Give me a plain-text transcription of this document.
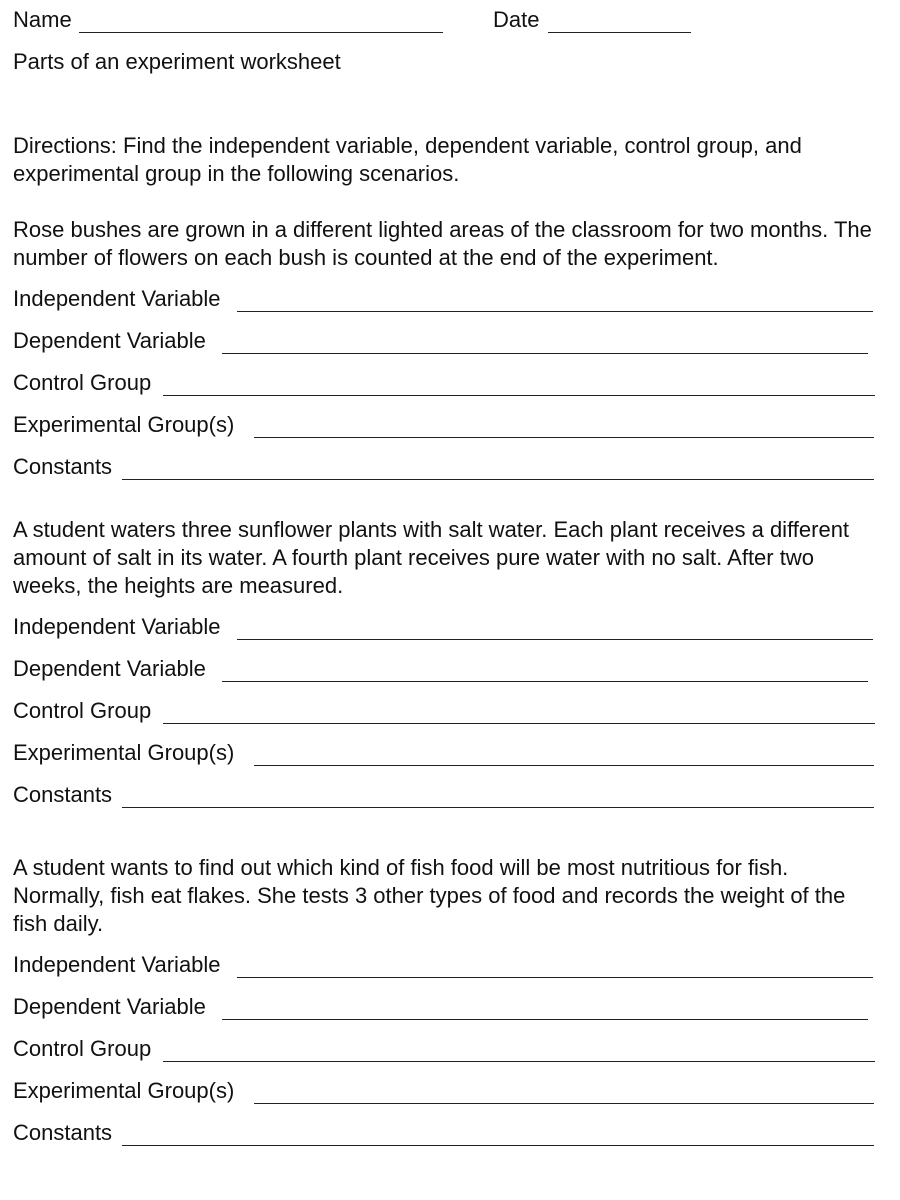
Name	Date
Parts of an experiment worksheet
Directions: Find the independent variable, dependent variable, control group, and experimental group in the following scenarios.
Rose bushes are grown in a different lighted areas of the classroom for two months. The number of flowers on each bush is counted at the end of the experiment.
Independent Variable
Dependent Variable
Control Group
Experimental Group(s)
Constants
A student waters three sunflower plants with salt water. Each plant receives a different amount of salt in its water. A fourth plant receives pure water with no salt. After two weeks, the heights are measured.
Independent Variable
Dependent Variable
Control Group
Experimental Group(s)
Constants
A student wants to find out which kind of fish food will be most nutritious for fish. Normally, fish eat flakes. She tests 3 other types of food and records the weight of the fish daily.
Independent Variable
Dependent Variable
Control Group
Experimental Group(s)
Constants
